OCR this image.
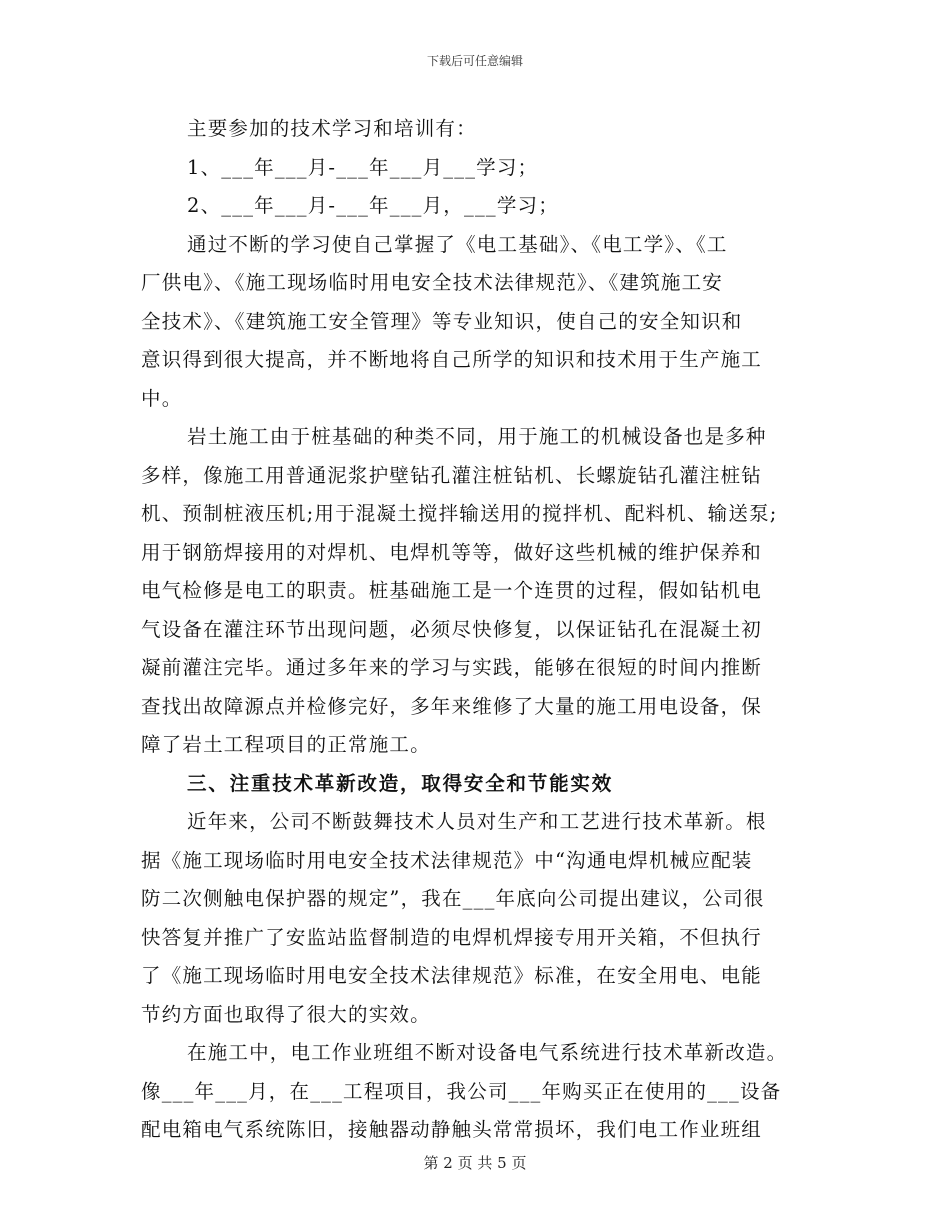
下载后可任意编辑
主要参加的技术学习和培训有：
1、___年___月-___年___月___学习；
2、___年___月-___年___月，___学习；
通过不断的学习使自己掌握了《电工基础》、《电工学》、《工
厂供电》、《施工现场临时用电安全技术法律规范》、《建筑施工安
全技术》、《建筑施工安全管理》等专业知识，使自己的安全知识和
意识得到很大提高，并不断地将自己所学的知识和技术用于生产施工
中。
岩土施工由于桩基础的种类不同，用于施工的机械设备也是多种
多样，像施工用普通泥浆护壁钻孔灌注桩钻机、长螺旋钻孔灌注桩钻
机、预制桩液压机;用于混凝土搅拌输送用的搅拌机、配料机、输送泵;
用于钢筋焊接用的对焊机、电焊机等等，做好这些机械的维护保养和
电气检修是电工的职责。桩基础施工是一个连贯的过程，假如钻机电
气设备在灌注环节出现问题，必须尽快修复，以保证钻孔在混凝土初
凝前灌注完毕。通过多年来的学习与实践，能够在很短的时间内推断
查找出故障源点并检修完好，多年来维修了大量的施工用电设备，保
障了岩土工程项目的正常施工。
三、注重技术革新改造，取得安全和节能实效
近年来，公司不断鼓舞技术人员对生产和工艺进行技术革新。根
据《施工现场临时用电安全技术法律规范》中“沟通电焊机械应配装
防二次侧触电保护器的规定”，我在___年底向公司提出建议，公司很
快答复并推广了安监站监督制造的电焊机焊接专用开关箱，不但执行
了《施工现场临时用电安全技术法律规范》标准，在安全用电、电能
节约方面也取得了很大的实效。
在施工中，电工作业班组不断对设备电气系统进行技术革新改造。
像___年___月，在___工程项目，我公司___年购买正在使用的___设备
配电箱电气系统陈旧，接触器动静触头常常损坏，我们电工作业班组
第 2 页 共 5 页
